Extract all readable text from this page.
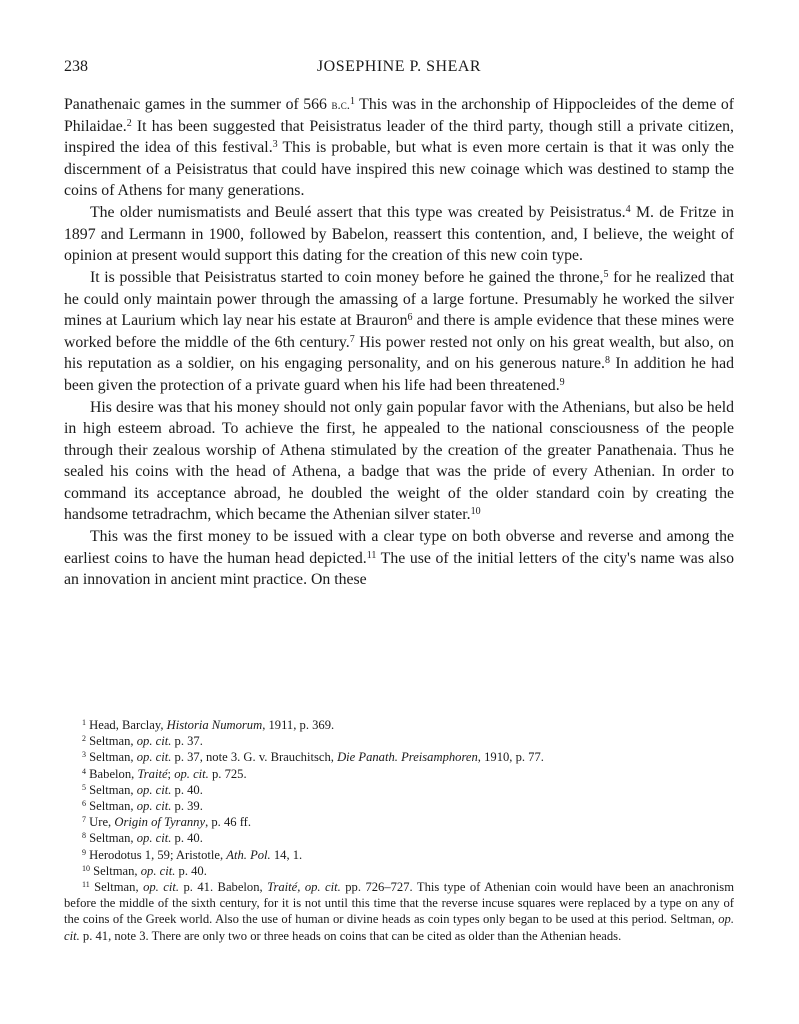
238	JOSEPHINE P. SHEAR

Panathenaic games in the summer of 566 b.c.$^1$ This was in the archonship of Hippocleides of the deme of Philaidae.$^2$ It has been suggested that Peisistratus leader of the third party, though still a private citizen, inspired the idea of this festival.$^3$ This is probable, but what is even more certain is that it was only the discernment of a Peisistratus that could have inspired this new coinage which was destined to stamp the coins of Athens for many generations.

The older numismatists and Beulé assert that this type was created by Peisistratus.$^4$ M. de Fritze in 1897 and Lermann in 1900, followed by Babelon, reassert this contention, and, I believe, the weight of opinion at present would support this dating for the creation of this new coin type.

It is possible that Peisistratus started to coin money before he gained the throne,$^5$ for he realized that he could only maintain power through the amassing of a large fortune. Presumably he worked the silver mines at Laurium which lay near his estate at Brauron$^6$ and there is ample evidence that these mines were worked before the middle of the 6th century.$^7$ His power rested not only on his great wealth, but also, on his reputation as a soldier, on his engaging personality, and on his generous nature.$^8$ In addition he had been given the protection of a private guard when his life had been threatened.$^9$

His desire was that his money should not only gain popular favor with the Athenians, but also be held in high esteem abroad. To achieve the first, he appealed to the national consciousness of the people through their zealous worship of Athena stimulated by the creation of the greater Panathenaia. Thus he sealed his coins with the head of Athena, a badge that was the pride of every Athenian. In order to command its acceptance abroad, he doubled the weight of the older standard coin by creating the handsome tetradrachm, which became the Athenian silver stater.$^{10}$

This was the first money to be issued with a clear type on both obverse and reverse and among the earliest coins to have the human head depicted.$^{11}$ The use of the initial letters of the city's name was also an innovation in ancient mint practice. On these

$^1$ Head, Barclay, Historia Numorum, 1911, p. 369.
$^2$ Seltman, op. cit. p. 37.
$^3$ Seltman, op. cit. p. 37, note 3. G. v. Brauchitsch, Die Panath. Preisamphoren, 1910, p. 77.
$^4$ Babelon, Traité; op. cit. p. 725.
$^5$ Seltman, op. cit. p. 40.
$^6$ Seltman, op. cit. p. 39.
$^7$ Ure, Origin of Tyranny, p. 46 ff.
$^8$ Seltman, op. cit. p. 40.
$^9$ Herodotus 1, 59; Aristotle, Ath. Pol. 14, 1.
$^{10}$ Seltman, op. cit. p. 40.
$^{11}$ Seltman, op. cit. p. 41. Babelon, Traité, op. cit. pp. 726–727. This type of Athenian coin would have been an anachronism before the middle of the sixth century, for it is not until this time that the reverse incuse squares were replaced by a type on any of the coins of the Greek world. Also the use of human or divine heads as coin types only began to be used at this period. Seltman, op. cit. p. 41, note 3. There are only two or three heads on coins that can be cited as older than the Athenian heads.
